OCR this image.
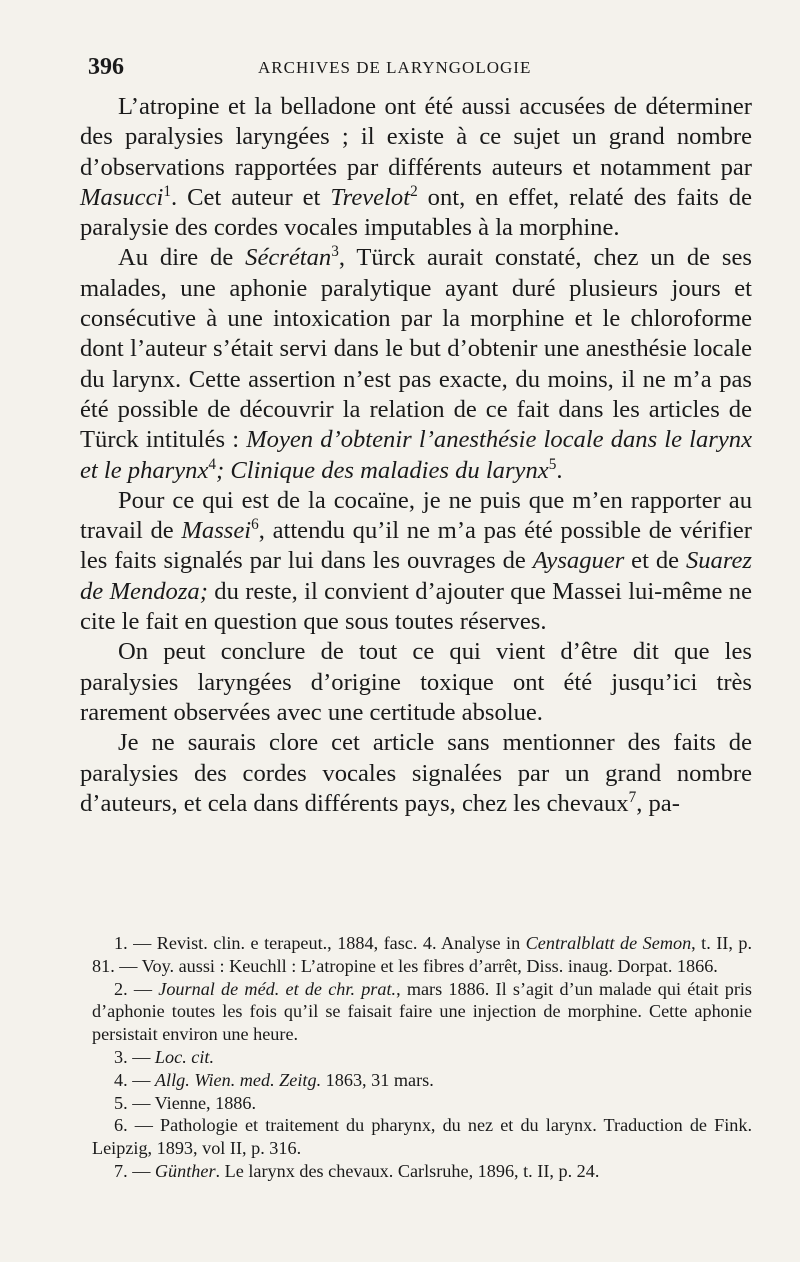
396	ARCHIVES DE LARYNGOLOGIE

L’atropine et la belladone ont été aussi accusées de déterminer des paralysies laryngées ; il existe à ce sujet un grand nombre d’observations rapportées par différents auteurs et notamment par Masucci$^1$. Cet auteur et Trevelot$^2$ ont, en effet, relaté des faits de paralysie des cordes vocales imputables à la morphine.

Au dire de Sécrétan$^3$, Türck aurait constaté, chez un de ses malades, une aphonie paralytique ayant duré plusieurs jours et consécutive à une intoxication par la morphine et le chloroforme dont l’auteur s’était servi dans le but d’obtenir une anesthésie locale du larynx. Cette assertion n’est pas exacte, du moins, il ne m’a pas été possible de découvrir la relation de ce fait dans les articles de Türck intitulés : Moyen d’obtenir l’anesthésie locale dans le larynx et le pharynx$^4$; Clinique des maladies du larynx$^5$.

Pour ce qui est de la cocaïne, je ne puis que m’en rapporter au travail de Massei$^6$, attendu qu’il ne m’a pas été possible de vérifier les faits signalés par lui dans les ouvrages de Aysaguer et de Suarez de Mendoza; du reste, il convient d’ajouter que Massei lui-même ne cite le fait en question que sous toutes réserves.

On peut conclure de tout ce qui vient d’être dit que les paralysies laryngées d’origine toxique ont été jusqu’ici très rarement observées avec une certitude absolue.

Je ne saurais clore cet article sans mentionner des faits de paralysies des cordes vocales signalées par un grand nombre d’auteurs, et cela dans différents pays, chez les chevaux$^7$, pa-

1. — Revist. clin. e terapeut., 1884, fasc. 4. Analyse in Centralblatt de Semon, t. II, p. 81. — Voy. aussi : Keuchll : L’atropine et les fibres d’arrêt, Diss. inaug. Dorpat. 1866.

2. — Journal de méd. et de chr. prat., mars 1886. Il s’agit d’un malade qui était pris d’aphonie toutes les fois qu’il se faisait faire une injection de morphine. Cette aphonie persistait environ une heure.

3. — Loc. cit.

4. — Allg. Wien. med. Zeitg. 1863, 31 mars.

5. — Vienne, 1886.

6. — Pathologie et traitement du pharynx, du nez et du larynx. Traduction de Fink. Leipzig, 1893, vol II, p. 316.

7. — Günther. Le larynx des chevaux. Carlsruhe, 1896, t. II, p. 24.
